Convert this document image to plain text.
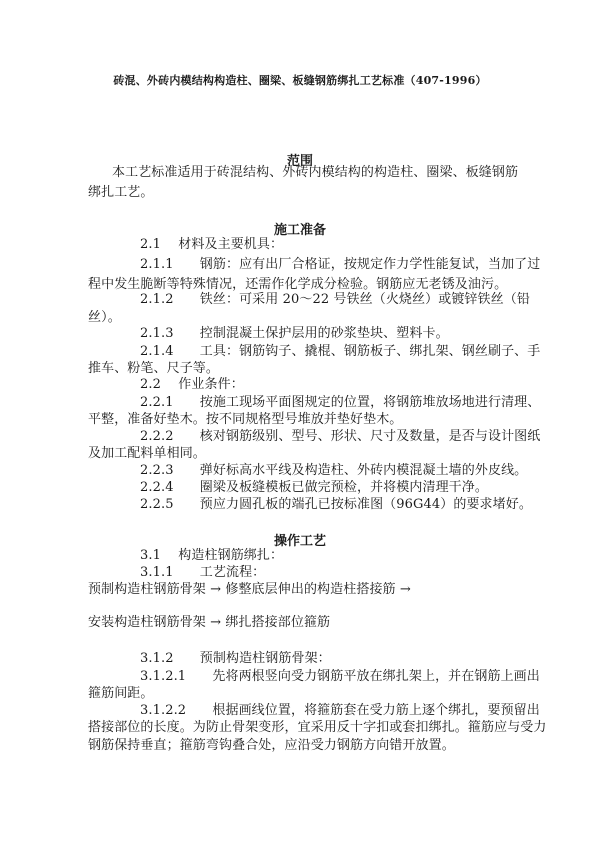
砖混、外砖内模结构构造柱、圈梁、板缝钢筋绑扎工艺标准（407-1996）
范围
本工艺标准适用于砖混结构、外砖内模结构的构造柱、圈梁、板缝钢筋
绑扎工艺。
施工准备
2.1　 材料及主要机具：
2.1.1　　钢筋：应有出厂合格证，按规定作力学性能复试，当加了过
程中发生脆断等特殊情况，还需作化学成分检验。钢筋应无老锈及油污。
2.1.2　　铁丝：可采用 20～22 号铁丝（火烧丝）或镀锌铁丝（铅
丝）。
2.1.3　　控制混凝土保护层用的砂浆垫块、塑料卡。
2.1.4　　工具：钢筋钩子、撬棍、钢筋板子、绑扎架、钢丝刷子、手
推车、粉笔、尺子等。
2.2　 作业条件：
2.2.1　　按施工现场平面图规定的位置，将钢筋堆放场地进行清理、
平整，准备好垫木。按不同规格型号堆放并垫好垫木。
2.2.2　　核对钢筋级别、型号、形状、尺寸及数量，是否与设计图纸
及加工配料单相同。
2.2.3　　弹好标高水平线及构造柱、外砖内模混凝土墙的外皮线。
2.2.4　　圈梁及板缝模板已做完预检，并将模内清理干净。
2.2.5　　预应力圆孔板的端孔已按标准图（96G44）的要求堵好。
操作工艺
3.1　 构造柱钢筋绑扎：
3.1.1　　工艺流程：
预制构造柱钢筋骨架 → 修整底层伸出的构造柱搭接筋 →
安装构造柱钢筋骨架 → 绑扎搭接部位箍筋
3.1.2　　预制构造柱钢筋骨架：
3.1.2.1　　先将两根竖向受力钢筋平放在绑扎架上，并在钢筋上画出
箍筋间距。
3.1.2.2　　根据画线位置，将箍筋套在受力筋上逐个绑扎，要预留出
搭接部位的长度。为防止骨架变形，宜采用反十字扣或套扣绑扎。箍筋应与受力
钢筋保持垂直；箍筋弯钩叠合处，应沿受力钢筋方向错开放置。
